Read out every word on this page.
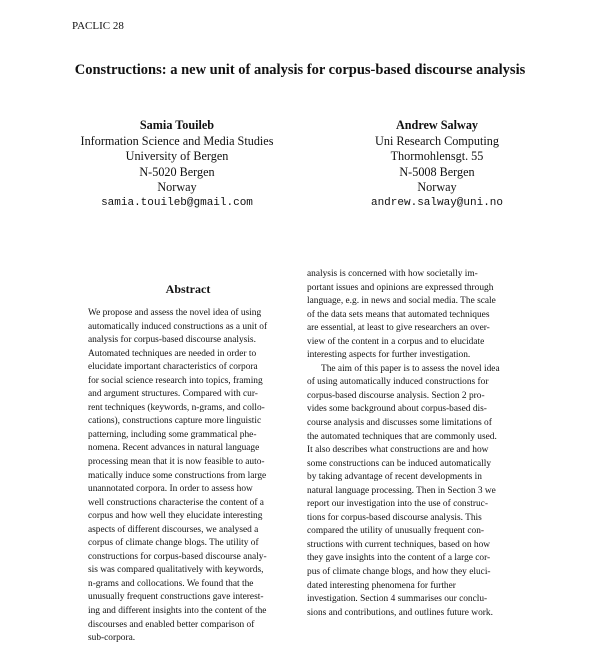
PACLIC 28
Constructions: a new unit of analysis for corpus-based discourse analysis
Samia Touileb
Information Science and Media Studies
University of Bergen
N-5020 Bergen
Norway
samia.touileb@gmail.com
Andrew Salway
Uni Research Computing
Thormohlensgt. 55
N-5008 Bergen
Norway
andrew.salway@uni.no
Abstract
We propose and assess the novel idea of using
automatically induced constructions as a unit of
analysis for corpus-based discourse analysis.
Automated techniques are needed in order to
elucidate important characteristics of corpora
for social science research into topics, framing
and argument structures. Compared with cur-
rent techniques (keywords, n-grams, and collo-
cations), constructions capture more linguistic
patterning, including some grammatical phe-
nomena. Recent advances in natural language
processing mean that it is now feasible to auto-
matically induce some constructions from large
unannotated corpora. In order to assess how
well constructions characterise the content of a
corpus and how well they elucidate interesting
aspects of different discourses, we analysed a
corpus of climate change blogs. The utility of
constructions for corpus-based discourse analy-
sis was compared qualitatively with keywords,
n-grams and collocations. We found that the
unusually frequent constructions gave interest-
ing and different insights into the content of the
discourses and enabled better comparison of
sub-corpora.
analysis is concerned with how societally im-
portant issues and opinions are expressed through
language, e.g. in news and social media. The scale
of the data sets means that automated techniques
are essential, at least to give researchers an over-
view of the content in a corpus and to elucidate
interesting aspects for further investigation.
The aim of this paper is to assess the novel idea
of using automatically induced constructions for
corpus-based discourse analysis. Section 2 pro-
vides some background about corpus-based dis-
course analysis and discusses some limitations of
the automated techniques that are commonly used.
It also describes what constructions are and how
some constructions can be induced automatically
by taking advantage of recent developments in
natural language processing. Then in Section 3 we
report our investigation into the use of construc-
tions for corpus-based discourse analysis. This
compared the utility of unusually frequent con-
structions with current techniques, based on how
they gave insights into the content of a large cor-
pus of climate change blogs, and how they eluci-
dated interesting phenomena for further
investigation. Section 4 summarises our conclu-
sions and contributions, and outlines future work.
